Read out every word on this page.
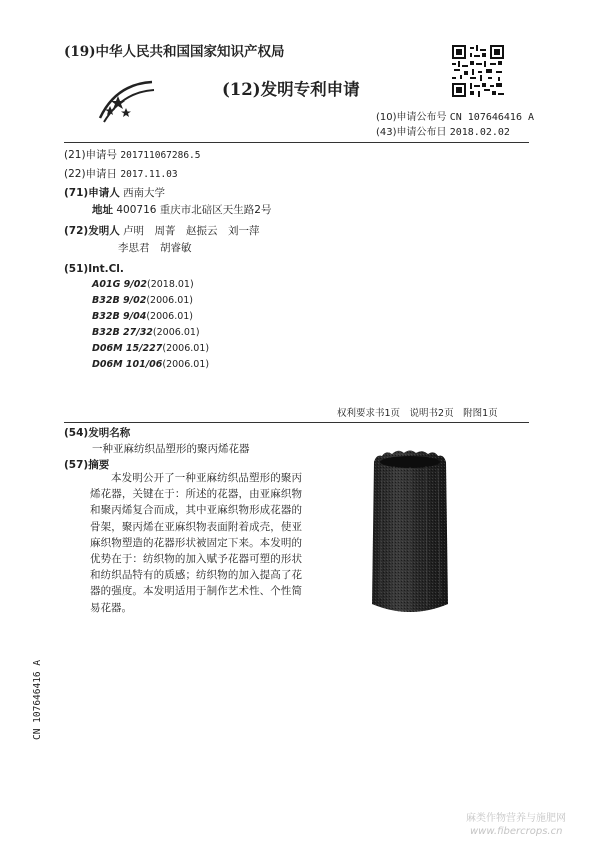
(19)中华人民共和国国家知识产权局
(12)发明专利申请
(10)申请公布号 CN 107646416 A
(43)申请公布日 2018.02.02
(21)申请号 201711067286.5
(22)申请日 2017.11.03
(71)申请人 西南大学
地址 400716 重庆市北碚区天生路2号
(72)发明人 卢明　周菁　赵振云　刘一萍
李思君　胡睿敏
(51)Int.Cl.
A01G 9/02(2018.01)
B32B 9/02(2006.01)
B32B 9/04(2006.01)
B32B 27/32(2006.01)
D06M 15/227(2006.01)
D06M 101/06(2006.01)
权利要求书1页　说明书2页　附图1页
(54)发明名称
一种亚麻纺织品塑形的聚丙烯花器
(57)摘要
本发明公开了一种亚麻纺织品塑形的聚丙烯花器，关键在于：所述的花器，由亚麻织物和聚丙烯复合而成，其中亚麻织物形成花器的骨架，聚丙烯在亚麻织物表面附着成壳，使亚麻织物塑造的花器形状被固定下来。本发明的优势在于：纺织物的加入赋予花器可塑的形状和纺织品特有的质感；纺织物的加入提高了花器的强度。本发明适用于制作艺术性、个性简易花器。
CN 107646416 A
麻类作物营养与施肥网
www.fibercrops.cn
